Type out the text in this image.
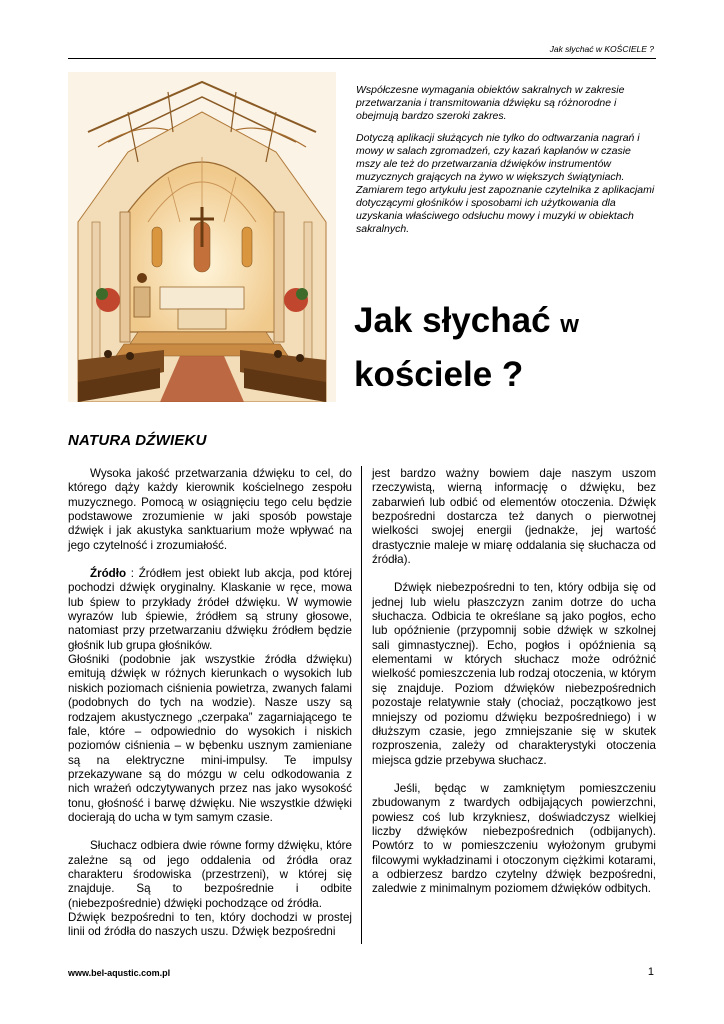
Jak słychać w KOŚCIELE ?

Współczesne wymagania obiektów sakralnych w zakresie przetwarzania i transmitowania dźwięku są różnorodne i obejmują bardzo szeroki zakres.

Dotyczą aplikacji służących nie tylko do odtwarzania nagrań i mowy w salach zgromadzeń, czy kazań kapłanów w czasie mszy ale też do przetwarzania dźwięków instrumentów muzycznych grających na żywo w większych świątyniach. Zamiarem tego artykułu jest zapoznanie czytelnika z aplikacjami dotyczącymi głośników i sposobami ich użytkowania dla uzyskania właściwego odsłuchu mowy i muzyki w obiektach sakralnych.

Jak słychać w
kościele ?
NATURA DŹWIEKU

Wysoka jakość przetwarzania dźwięku to cel, do którego dąży każdy kierownik kościelnego zespołu muzycznego. Pomocą w osiągnięciu tego celu będzie podstawowe zrozumienie w jaki sposób powstaje dźwięk i jak akustyka sanktuarium może wpływać na jego czytelność i zrozumiałość.

Źródło : Źródłem jest obiekt lub akcja, pod której pochodzi dźwięk oryginalny. Klaskanie w ręce, mowa lub śpiew to przykłady źródeł dźwięku. W wymowie wyrazów lub śpiewie, źródłem są struny głosowe, natomiast przy przetwarzaniu dźwięku źródłem będzie głośnik lub grupa głośników.

Głośniki (podobnie jak wszystkie źródła dźwięku) emitują dźwięk w różnych kierunkach o wysokich lub niskich poziomach ciśnienia powietrza, zwanych falami (podobnych do tych na wodzie). Nasze uszy są rodzajem akustycznego „czerpaka” zagarniającego te fale, które – odpowiednio do wysokich i niskich poziomów ciśnienia – w bębenku usznym zamieniane są na elektryczne mini-impulsy. Te impulsy przekazywane są do mózgu w celu odkodowania z nich wrażeń odczytywanych przez nas jako wysokość tonu, głośność i barwę dźwięku. Nie wszystkie dźwięki docierają do ucha w tym samym czasie.

Słuchacz odbiera dwie równe formy dźwięku, które zależne są od jego oddalenia od źródła oraz charakteru środowiska (przestrzeni), w której się znajduje. Są to bezpośrednie i odbite (niebezpośrednie) dźwięki pochodzące od źródła.

Dźwięk bezpośredni to ten, który dochodzi w prostej linii od źródła do naszych uszu. Dźwięk bezpośredni

jest bardzo ważny bowiem daje naszym uszom rzeczywistą, wierną informację o dźwięku, bez zabarwień lub odbić od elementów otoczenia. Dźwięk bezpośredni dostarcza też danych o pierwotnej wielkości swojej energii (jednakże, jej wartość drastycznie maleje w miarę oddalania się słuchacza od źródła).

Dźwięk niebezpośredni to ten, który odbija się od jednej lub wielu płaszczyzn zanim dotrze do ucha słuchacza. Odbicia te określane są jako pogłos, echo lub opóźnienie (przypomnij sobie dźwięk w szkolnej sali gimnastycznej). Echo, pogłos i opóźnienia są elementami w których słuchacz może odróżnić wielkość pomieszczenia lub rodzaj otoczenia, w którym się znajduje. Poziom dźwięków niebezpośrednich pozostaje relatywnie stały (chociaż, początkowo jest mniejszy od poziomu dźwięku bezpośredniego) i w dłuższym czasie, jego zmniejszanie się w skutek rozproszenia, zależy od charakterystyki otoczenia miejsca gdzie przebywa słuchacz.

Jeśli, będąc w zamkniętym pomieszczeniu zbudowanym z twardych odbijających powierzchni, powiesz coś lub krzykniesz, doświadczysz wielkiej liczby dźwięków niebezpośrednich (odbijanych). Powtórz to w pomieszczeniu wyłożonym grubymi filcowymi wykładzinami i otoczonym ciężkimi kotarami, a odbierzesz bardzo czytelny dźwięk bezpośredni, zaledwie z minimalnym poziomem dźwięków odbitych.

www.bel-aqustic.com.pl	1
